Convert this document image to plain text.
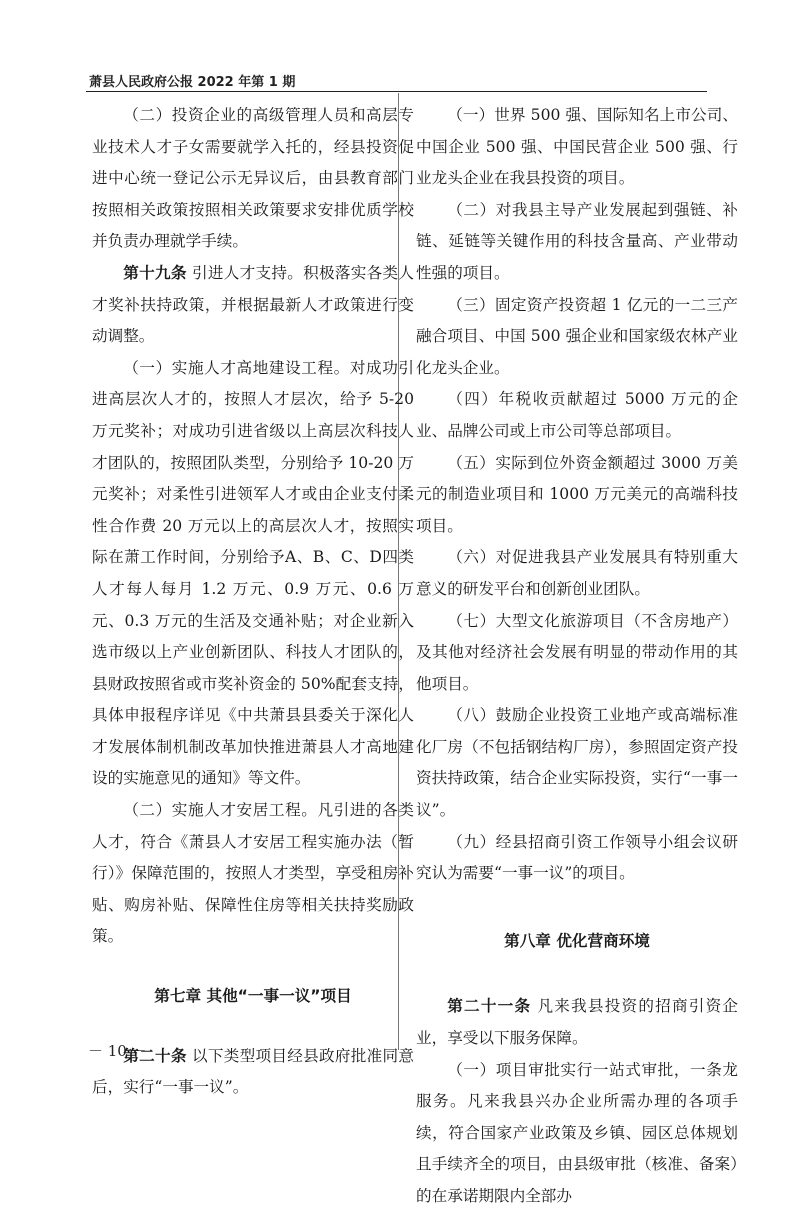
萧县人民政府公报 2022 年第 1 期

（二）投资企业的高级管理人员和高层专业技术人才子女需要就学入托的，经县投资促进中心统一登记公示无异议后，由县教育部门按照相关政策按照相关政策要求安排优质学校并负责办理就学手续。

第十九条 引进人才支持。积极落实各类人才奖补扶持政策，并根据最新人才政策进行变动调整。

（一）实施人才高地建设工程。对成功引进高层次人才的，按照人才层次，给予 5-20 万元奖补；对成功引进省级以上高层次科技人才团队的，按照团队类型，分别给予 10-20 万元奖补；对柔性引进领军人才或由企业支付柔性合作费 20 万元以上的高层次人才，按照实际在萧工作时间，分别给予A、B、C、D四类人才每人每月 1.2 万元、0.9 万元、0.6 万元、0.3 万元的生活及交通补贴；对企业新入选市级以上产业创新团队、科技人才团队的，县财政按照省或市奖补资金的 50%配套支持，具体申报程序详见《中共萧县县委关于深化人才发展体制机制改革加快推进萧县人才高地建设的实施意见的通知》等文件。

（二）实施人才安居工程。凡引进的各类人才，符合《萧县人才安居工程实施办法（暂行）》保障范围的，按照人才类型，享受租房补贴、购房补贴、保障性住房等相关扶持奖励政策。

第七章 其他“一事一议”项目

第二十条 以下类型项目经县政府批准同意后，实行“一事一议”。

（一）世界 500 强、国际知名上市公司、中国企业 500 强、中国民营企业 500 强、行业龙头企业在我县投资的项目。

（二）对我县主导产业发展起到强链、补链、延链等关键作用的科技含量高、产业带动性强的项目。

（三）固定资产投资超 1 亿元的一二三产融合项目、中国 500 强企业和国家级农林产业化龙头企业。

（四）年税收贡献超过 5000 万元的企业、品牌公司或上市公司等总部项目。

（五）实际到位外资金额超过 3000 万美元的制造业项目和 1000 万元美元的高端科技项目。

（六）对促进我县产业发展具有特别重大意义的研发平台和创新创业团队。

（七）大型文化旅游项目（不含房地产）及其他对经济社会发展有明显的带动作用的其他项目。

（八）鼓励企业投资工业地产或高端标准化厂房（不包括钢结构厂房），参照固定资产投资扶持政策，结合企业实际投资，实行“一事一议”。

（九）经县招商引资工作领导小组会议研究认为需要“一事一议”的项目。

第八章 优化营商环境

第二十一条 凡来我县投资的招商引资企业，享受以下服务保障。

（一）项目审批实行一站式审批，一条龙服务。凡来我县兴办企业所需办理的各项手续，符合国家产业政策及乡镇、园区总体规划且手续齐全的项目，由县级审批（核准、备案）的在承诺期限内全部办

－ 10 －
